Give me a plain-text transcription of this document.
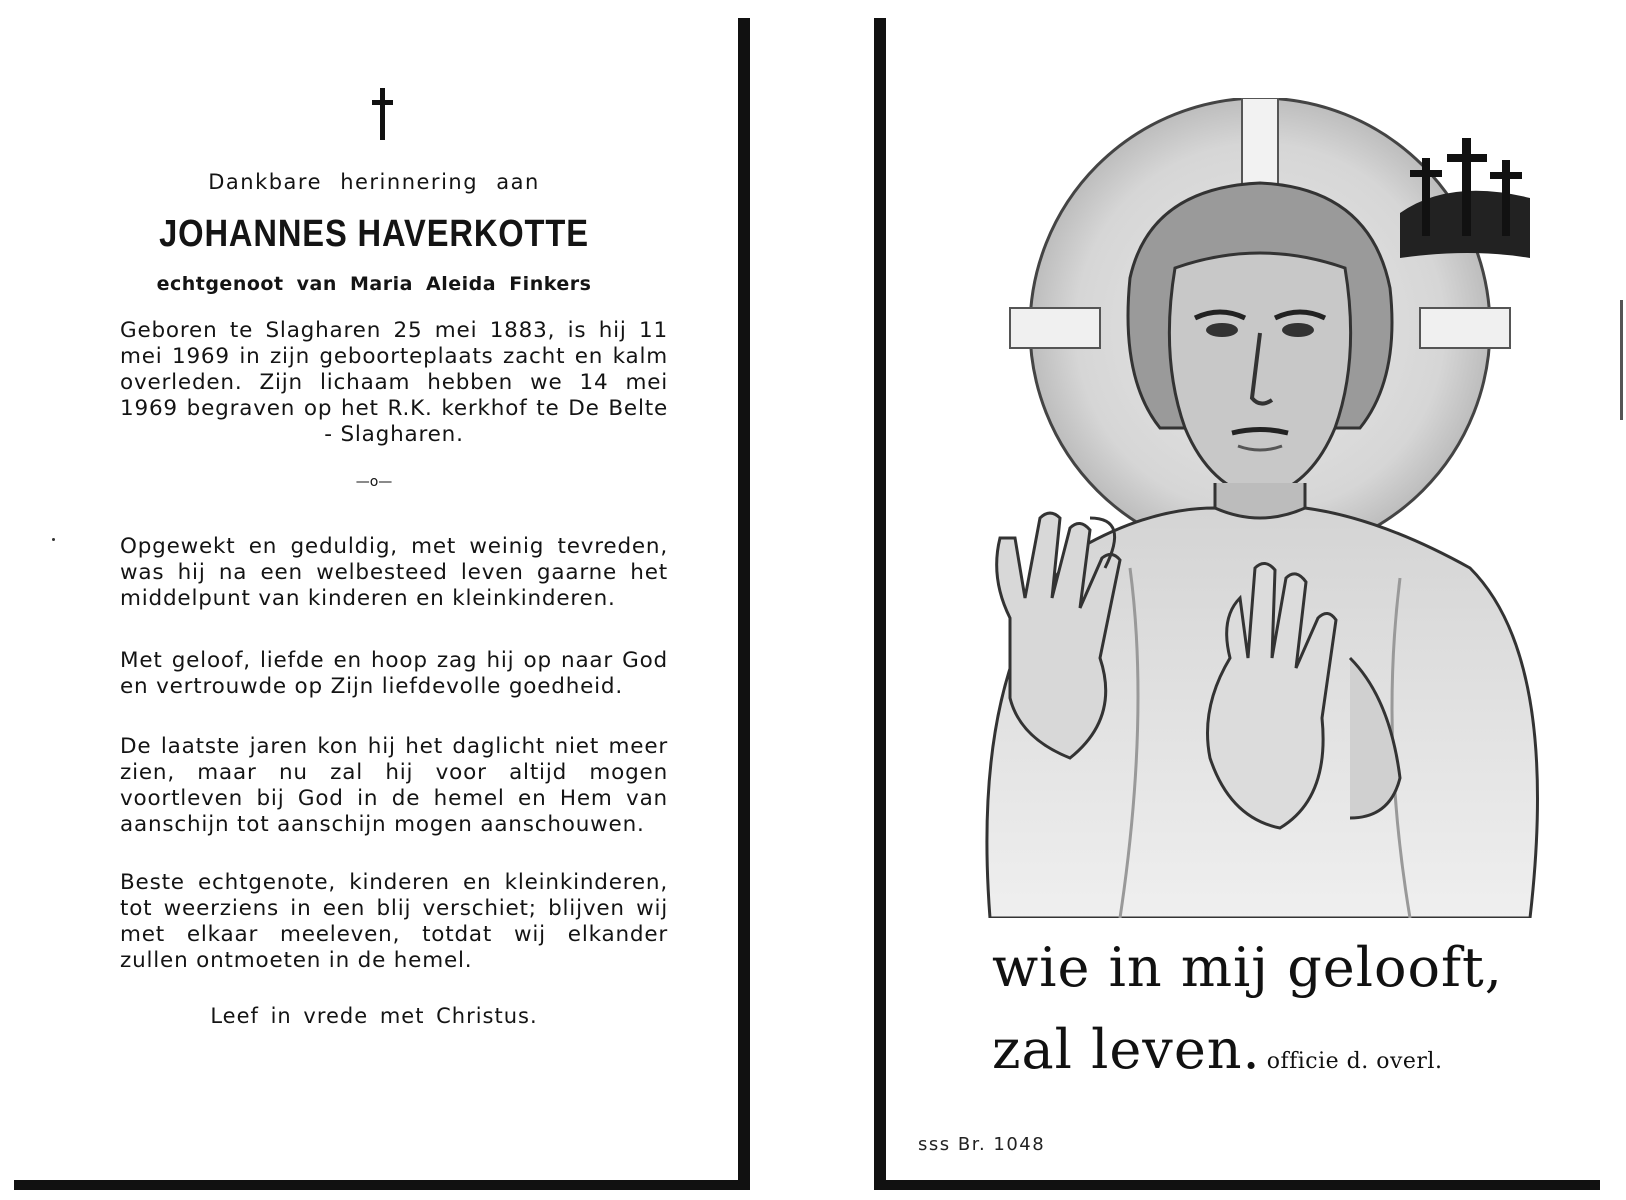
Dankbare herinnering aan
JOHANNES HAVERKOTTE
echtgenoot van Maria Aleida Finkers
Geboren te Slagharen 25 mei 1883, is hij 11 mei 1969 in zijn geboorteplaats zacht en kalm overleden. Zijn lichaam hebben we 14 mei 1969 begraven op het R.K. kerkhof te De Belte - Slagharen.
—o—
Opgewekt en geduldig, met weinig tevreden, was hij na een welbesteed leven gaarne het middelpunt van kinderen en kleinkinderen.
Met geloof, liefde en hoop zag hij op naar God en vertrouwde op Zijn liefdevolle goedheid.
De laatste jaren kon hij het daglicht niet meer zien, maar nu zal hij voor altijd mogen voortleven bij God in de hemel en Hem van aanschijn tot aanschijn mogen aanschouwen.
Beste echtgenote, kinderen en kleinkinderen, tot weerziens in een blij verschiet; blijven wij met elkaar meeleven, totdat wij elkander zullen ontmoeten in de hemel.
Leef in vrede met Christus.
wie in mij gelooft,
zal leven. officie d. overl.
sss Br. 1048
